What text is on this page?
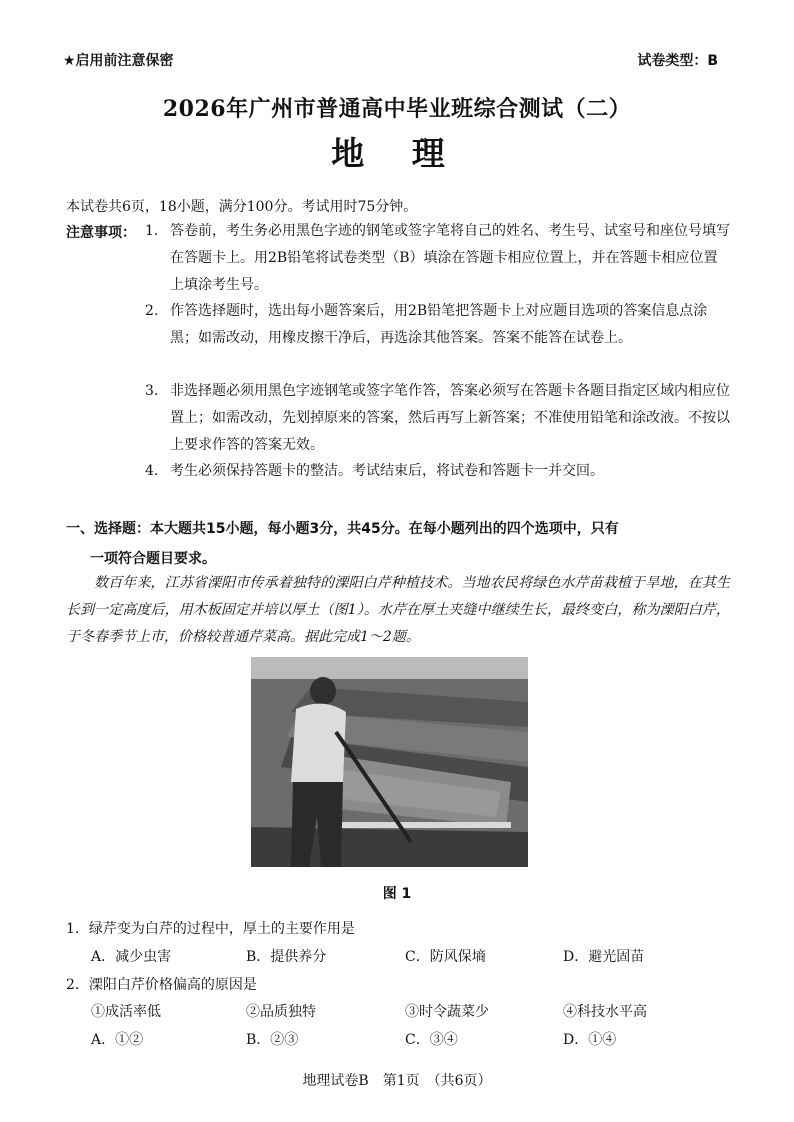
★启用前注意保密	试卷类型：B
2026年广州市普通高中毕业班综合测试（二）
地 理
本试卷共6页，18小题，满分100分。考试用时75分钟。
注意事项： 1. 答卷前，考生务必用黑色字迹的钢笔或签字笔将自己的姓名、考生号、试室号和座位号填写在答题卡上。用2B铅笔将试卷类型（B）填涂在答题卡相应位置上，并在答题卡相应位置上填涂考生号。
2. 作答选择题时，选出每小题答案后，用2B铅笔把答题卡上对应题目选项的答案信息点涂黑；如需改动，用橡皮擦干净后，再选涂其他答案。答案不能答在试卷上。
3. 非选择题必须用黑色字迹钢笔或签字笔作答，答案必须写在答题卡各题目指定区域内相应位置上；如需改动，先划掉原来的答案，然后再写上新答案；不准使用铅笔和涂改液。不按以上要求作答的答案无效。
4. 考生必须保持答题卡的整洁。考试结束后，将试卷和答题卡一并交回。
一、选择题：本大题共15小题，每小题3分，共45分。在每小题列出的四个选项中，只有
一项符合题目要求。
数百年来，江苏省溧阳市传承着独特的溧阳白芹种植技术。当地农民将绿色水芹苗栽植于旱地，在其生长到一定高度后，用木板固定并培以厚土（图1）。水芹在厚土夹缝中继续生长，最终变白，称为溧阳白芹，于冬春季节上市，价格较普通芹菜高。据此完成1～2题。
图 1
1．绿芹变为白芹的过程中，厚土的主要作用是
A．减少虫害	B．提供养分	C．防风保墒	D．避光固苗
2．溧阳白芹价格偏高的原因是
①成活率低	②品质独特	③时令蔬菜少	④科技水平高
A．①②	B．②③	C．③④	D．①④
地理试卷B　第1页　（共6页）
